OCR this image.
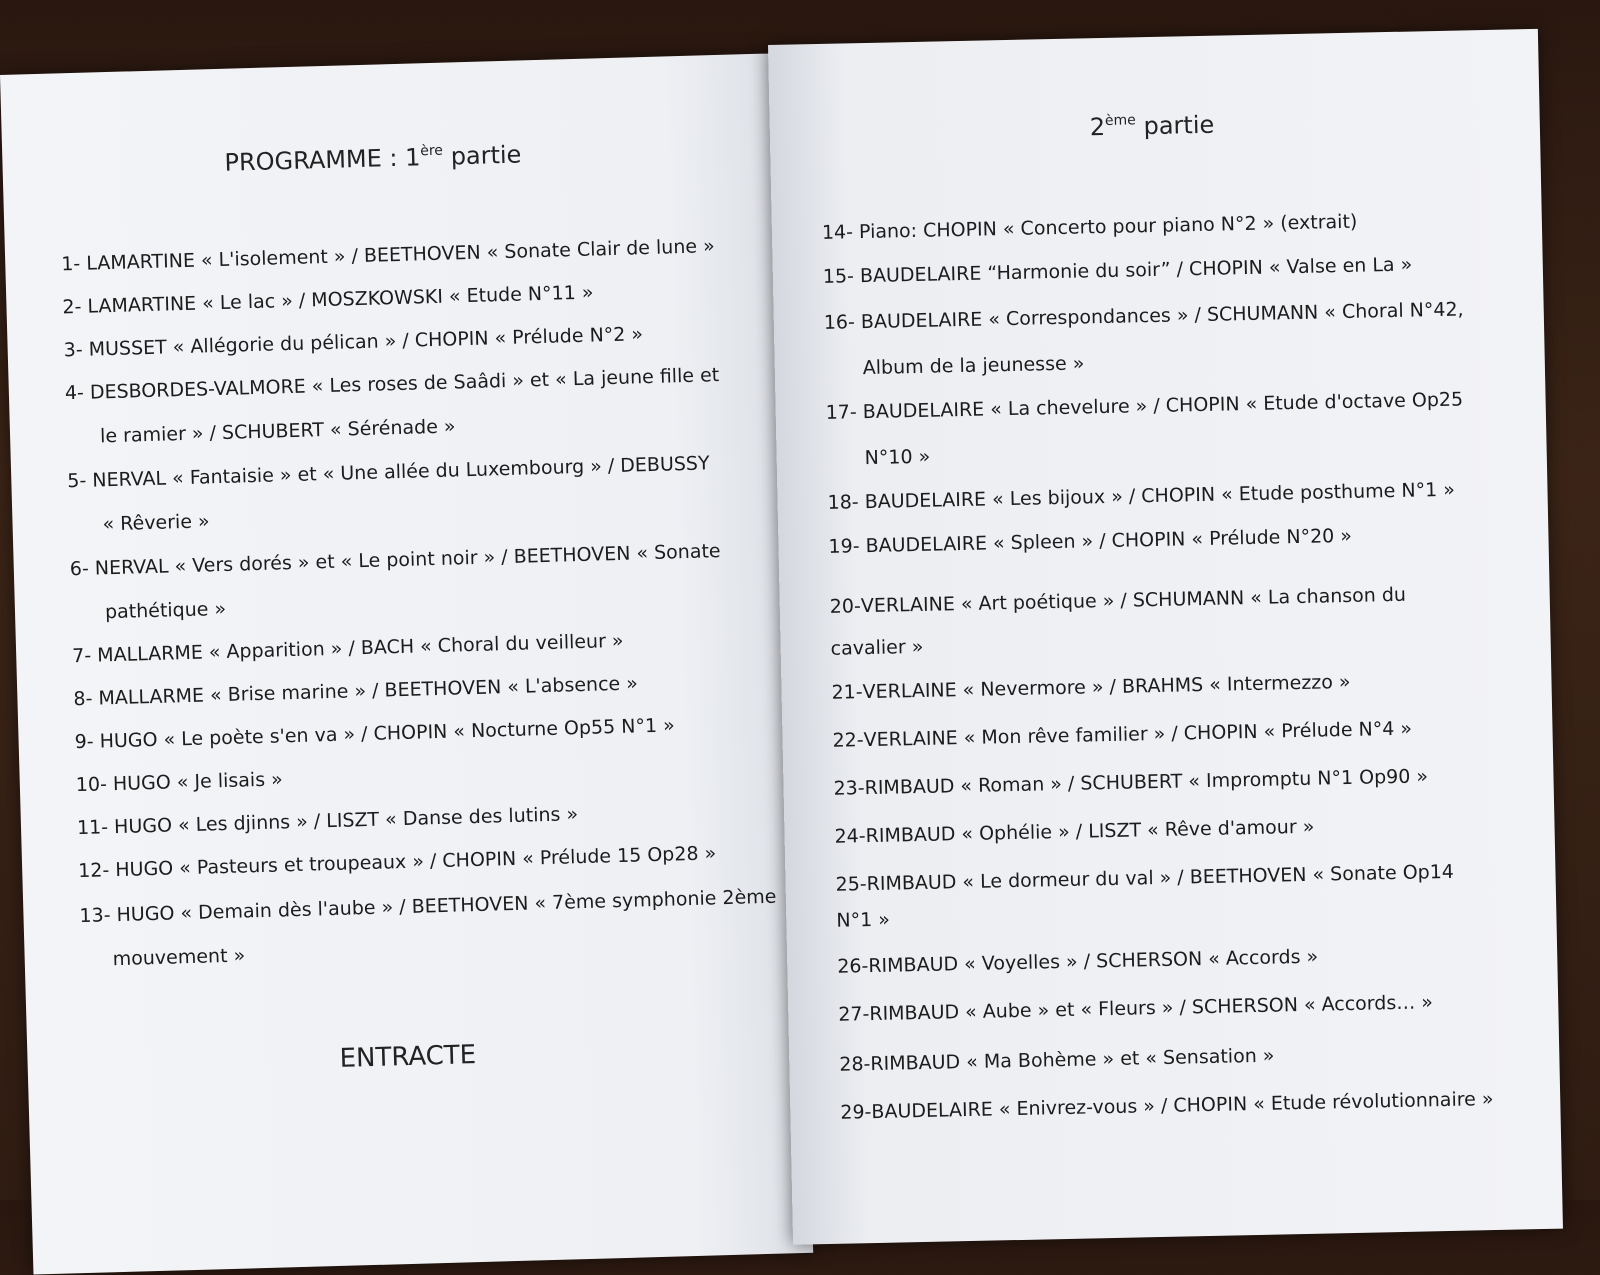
PROGRAMME : 1ère partie
1- LAMARTINE « L'isolement » / BEETHOVEN « Sonate Clair de lune »
2- LAMARTINE « Le lac » / MOSZKOWSKI « Etude N°11 »
3- MUSSET « Allégorie du pélican » / CHOPIN « Prélude N°2 »
4- DESBORDES-VALMORE « Les roses de Saâdi » et « La jeune fille et
le ramier » / SCHUBERT « Sérénade »
5- NERVAL « Fantaisie » et « Une allée du Luxembourg » / DEBUSSY
« Rêverie »
6- NERVAL « Vers dorés » et « Le point noir » / BEETHOVEN « Sonate
pathétique »
7- MALLARME « Apparition » / BACH « Choral du veilleur »
8- MALLARME « Brise marine » / BEETHOVEN « L'absence »
9- HUGO « Le poète s'en va » / CHOPIN « Nocturne Op55 N°1 »
10- HUGO « Je lisais »
11- HUGO « Les djinns » / LISZT « Danse des lutins »
12- HUGO « Pasteurs et troupeaux » / CHOPIN « Prélude 15 Op28 »
13- HUGO « Demain dès l'aube » / BEETHOVEN « 7ème symphonie 2ème
mouvement »
ENTRACTE
2ème partie
14- Piano: CHOPIN « Concerto pour piano N°2 » (extrait)
15- BAUDELAIRE “Harmonie du soir” / CHOPIN « Valse en La »
16- BAUDELAIRE « Correspondances » / SCHUMANN « Choral N°42,
Album de la jeunesse »
17- BAUDELAIRE « La chevelure » / CHOPIN « Etude d'octave Op25
N°10 »
18- BAUDELAIRE « Les bijoux » / CHOPIN « Etude posthume N°1 »
19- BAUDELAIRE « Spleen » / CHOPIN « Prélude N°20 »
20-VERLAINE « Art poétique » / SCHUMANN « La chanson du
cavalier »
21-VERLAINE « Nevermore » / BRAHMS « Intermezzo »
22-VERLAINE « Mon rêve familier » / CHOPIN « Prélude N°4 »
23-RIMBAUD « Roman » / SCHUBERT « Impromptu N°1 Op90 »
24-RIMBAUD « Ophélie » / LISZT « Rêve d'amour »
25-RIMBAUD « Le dormeur du val » / BEETHOVEN « Sonate Op14
N°1 »
26-RIMBAUD « Voyelles » / SCHERSON « Accords »
27-RIMBAUD « Aube » et « Fleurs » / SCHERSON « Accords… »
28-RIMBAUD « Ma Bohème » et « Sensation »
29-BAUDELAIRE « Enivrez-vous » / CHOPIN « Etude révolutionnaire »
